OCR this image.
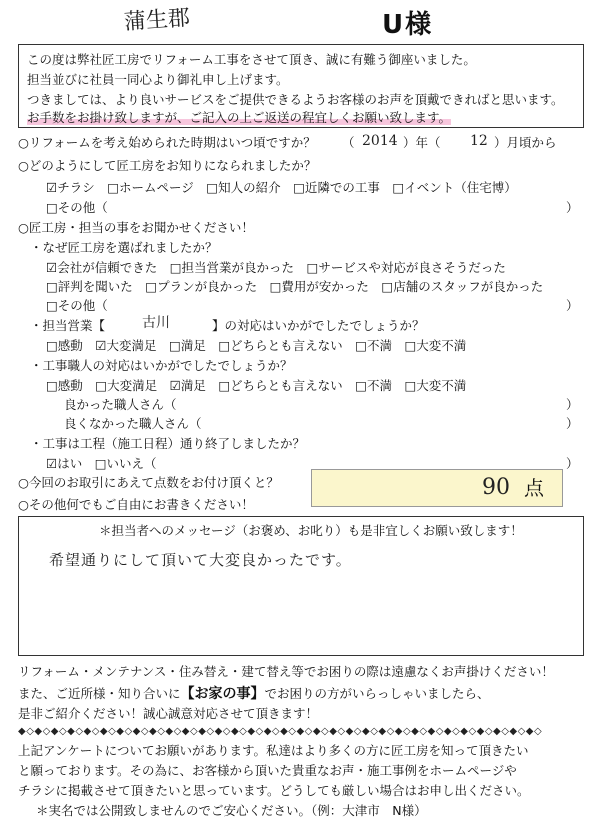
蒲生郡	U様
この度は弊社匠工房でリフォーム工事をさせて頂き、誠に有難う御座いました。
担当並びに社員一同心より御礼申し上げます。
つきましては、より良いサービスをご提供できるようお客様のお声を頂戴できればと思います。
お手数をお掛け致しますが、ご記入の上ご返送の程宜しくお願い致します。
○リフォームを考え始められた時期はいつ頃ですか？ （ 2014 ）年（ 12 ）月頃から
○どのようにして匠工房をお知りになられましたか？
☑チラシ　□ホームページ　□知人の紹介　□近隣での工事　□イベント（住宅博）
□その他（	）
○匠工房・担当の事をお聞かせください！
・なぜ匠工房を選ばれましたか？
☑会社が信頼できた　□担当営業が良かった　□サービスや対応が良さそうだった
□評判を聞いた　□プランが良かった　□費用が安かった　□店舗のスタッフが良かった
□その他（	）
・担当営業【	古川	】の対応はいかがでしたでしょうか？
□感動　☑大変満足　□満足　□どちらとも言えない　□不満　□大変不満
・工事職人の対応はいかがでしたでしょうか？
□感動　□大変満足　☑満足　□どちらとも言えない　□不満　□大変不満
良かった職人さん（	）
良くなかった職人さん（	）
・工事は工程（施工日程）通り終了しましたか？
☑はい　□いいえ（	）
○今回のお取引にあえて点数をお付け頂くと？	90 点
○その他何でもご自由にお書きください！
＊担当者へのメッセージ（お褒め、お叱り）も是非宜しくお願い致します！
希望通りにして頂いて大変良かったです。
リフォーム・メンテナンス・住み替え・建て替え等でお困りの際は遠慮なくお声掛けください！
また、ご近所様・知り合いに【お家の事】でお困りの方がいらっしゃいましたら、
是非ご紹介ください！誠心誠意対応させて頂きます！
◆◇◆◇◆◇◆◇◆◇◆◇◆◇◆◇◆◇◆◇◆◇◆◇◆◇◆◇◆◇◆◇◆◇◆◇◆◇◆◇◆◇◆◇◆◇◆◇◆◇◆◇◆◇◆◇◆◇◆◇◆◇◆◇
上記アンケートについてお願いがあります。私達はより多くの方に匠工房を知って頂きたい
と願っております。その為に、お客様から頂いた貴重なお声・施工事例をホームページや
チラシに掲載させて頂きたいと思っています。どうしても厳しい場合はお申し出ください。
＊実名では公開致しませんのでご安心ください。（例：大津市　N様）
